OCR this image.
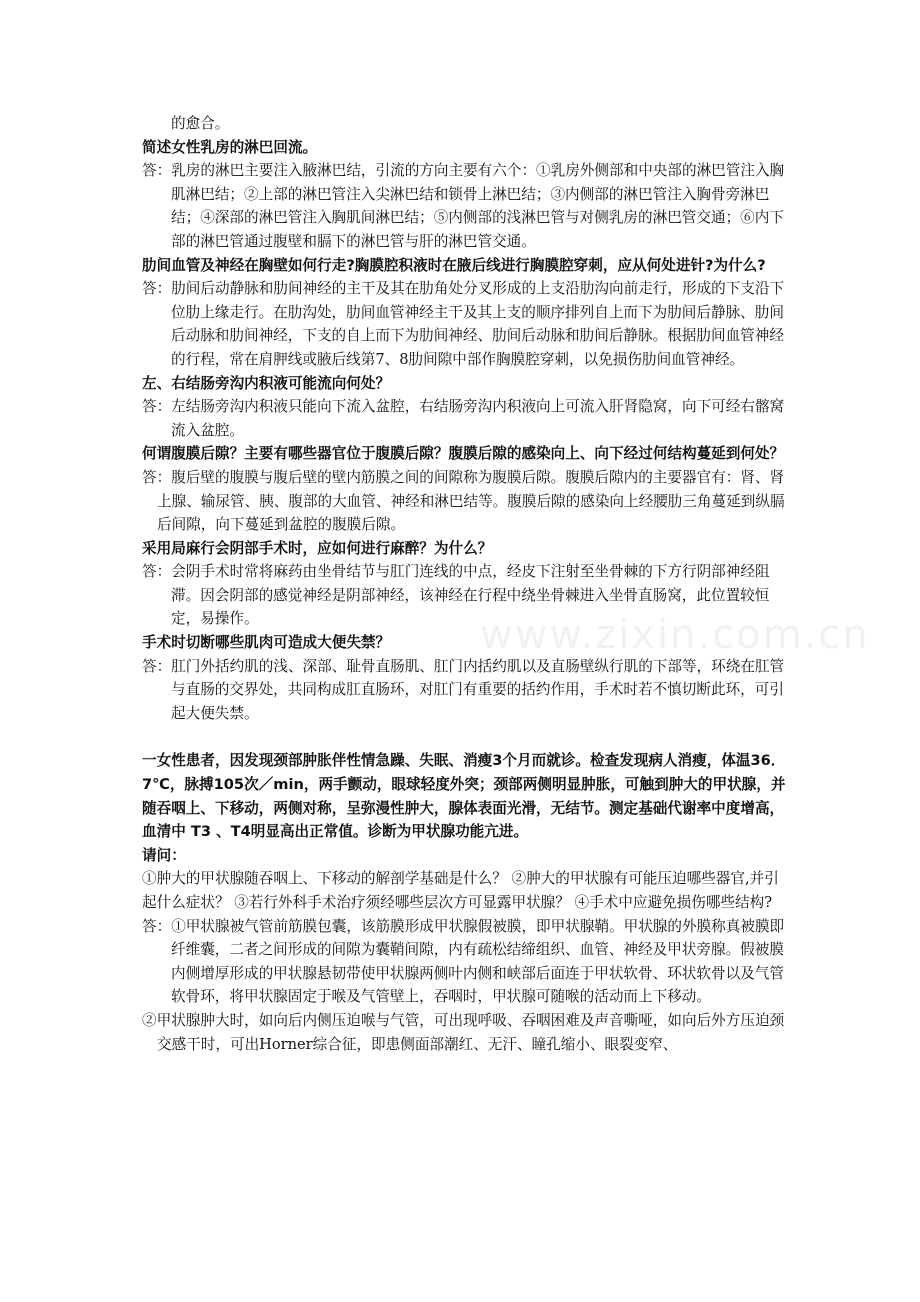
www.zixin.com.cn

的愈合。

简述女性乳房的淋巴回流。

答：乳房的淋巴主要注入腋淋巴结，引流的方向主要有六个：①乳房外侧部和中央部的淋巴管注入胸肌淋巴结；②上部的淋巴管注入尖淋巴结和锁骨上淋巴结；③内侧部的淋巴管注入胸骨旁淋巴结；④深部的淋巴管注入胸肌间淋巴结；⑤内侧部的浅淋巴管与对侧乳房的淋巴管交通；⑥内下部的淋巴管通过腹壁和膈下的淋巴管与肝的淋巴管交通。

肋间血管及神经在胸壁如何行走?胸膜腔积液时在腋后线进行胸膜腔穿刺，应从何处进针?为什么?

答：肋间后动静脉和肋间神经的主干及其在肋角处分叉形成的上支沿肋沟向前走行，形成的下支沿下位肋上缘走行。在肋沟处，肋间血管神经主干及其上支的顺序排列自上而下为肋间后静脉、肋间后动脉和肋间神经，下支的自上而下为肋间神经、肋间后动脉和肋间后静脉。根据肋间血管神经的行程，常在肩胛线或腋后线第7、8肋间隙中部作胸膜腔穿刺，以免损伤肋间血管神经。

左、右结肠旁沟内积液可能流向何处？

答：左结肠旁沟内积液只能向下流入盆腔，右结肠旁沟内积液向上可流入肝肾隐窝，向下可经右髂窝流入盆腔。

何谓腹膜后隙？主要有哪些器官位于腹膜后隙？腹膜后隙的感染向上、向下经过何结构蔓延到何处？

答：腹后壁的腹膜与腹后壁的壁内筋膜之间的间隙称为腹膜后隙。腹膜后隙内的主要器官有：肾、肾上腺、输尿管、胰、腹部的大血管、神经和淋巴结等。腹膜后隙的感染向上经腰肋三角蔓延到纵膈后间隙，向下蔓延到盆腔的腹膜后隙。

采用局麻行会阴部手术时，应如何进行麻醉？为什么？

答：会阴手术时常将麻药由坐骨结节与肛门连线的中点，经皮下注射至坐骨棘的下方行阴部神经阻滞。因会阴部的感觉神经是阴部神经，该神经在行程中绕坐骨棘进入坐骨直肠窝，此位置较恒定，易操作。

手术时切断哪些肌肉可造成大便失禁？

答：肛门外括约肌的浅、深部、耻骨直肠肌、肛门内括约肌以及直肠壁纵行肌的下部等，环绕在肛管与直肠的交界处，共同构成肛直肠环，对肛门有重要的括约作用，手术时若不慎切断此环，可引起大便失禁。

一女性患者，因发现颈部肿胀伴性情急躁、失眠、消瘦3个月而就诊。检查发现病人消瘦，体温36．7℃，脉搏105次／min，两手颤动，眼球轻度外突；颈部两侧明显肿胀，可触到肿大的甲状腺，并随吞咽上、下移动，两侧对称，呈弥漫性肿大，腺体表面光滑，无结节。测定基础代谢率中度增高， 血清中 T3 、T4明显高出正常值。诊断为甲状腺功能亢进。

请问：

①肿大的甲状腺随吞咽上、下移动的解剖学基础是什么？ ②肿大的甲状腺有可能压迫哪些器官,并引起什么症状？ ③若行外科手术治疗须经哪些层次方可显露甲状腺？ ④手术中应避免损伤哪些结构?

答：①甲状腺被气管前筋膜包囊，该筋膜形成甲状腺假被膜，即甲状腺鞘。甲状腺的外膜称真被膜即纤维囊，二者之间形成的间隙为囊鞘间隙，内有疏松结缔组织、血管、神经及甲状旁腺。假被膜内侧增厚形成的甲状腺悬韧带使甲状腺两侧叶内侧和峡部后面连于甲状软骨、环状软骨以及气管软骨环，将甲状腺固定于喉及气管壁上，吞咽时，甲状腺可随喉的活动而上下移动。

②甲状腺肿大时，如向后内侧压迫喉与气管，可出现呼吸、吞咽困难及声音嘶哑，如向后外方压迫颈交感干时，可出Horner综合征，即患侧面部潮红、无汗、瞳孔缩小、眼裂变窄、
